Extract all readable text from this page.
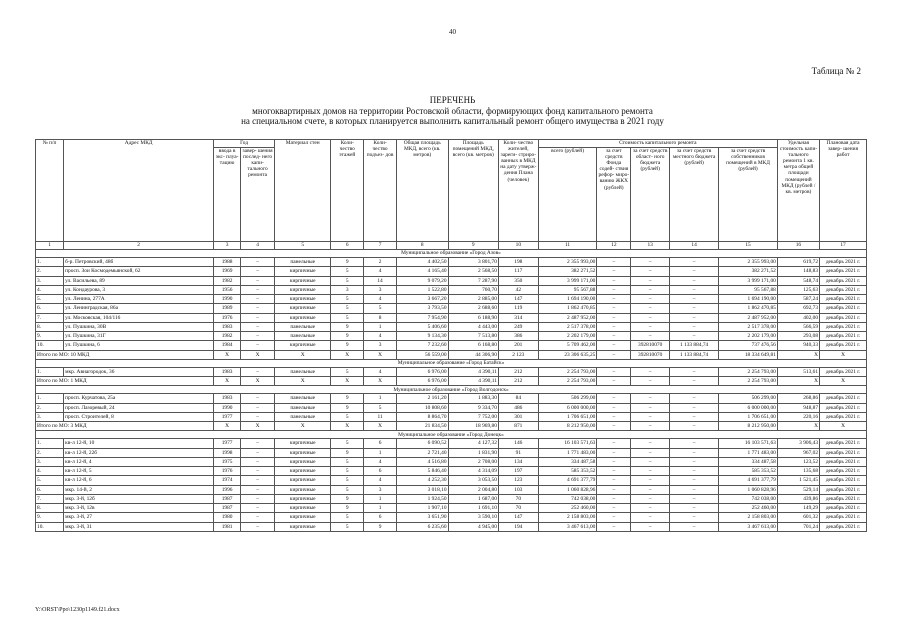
40
Таблица № 2
ПЕРЕЧЕНЬ
многоквартирных домов на территории Ростовской области, формирующих фонд капитального ремонта
на специальном счете, в которых планируется выполнить капитальный ремонт общего имущества в 2021 году
№ п/п	Адрес МКД	Год		Материал стен	Коли- чество этажей	Коли- чество подъез- дов	Общая площадь МКД, всего (кв. метров)	Площадь помещений МКД, всего (кв. метров)	Коли- чество жителей, зареги- стриро- ванных в МКД на дату утверж- дения Плана (человек)	Стоимость капитального ремонта					Удельная стоимость капи- тального ремонта 1 кв. метра общей площади помещений МКД (рублей / кв. метров)	Плановая дата завер- шения работ
		ввода в экс- плуа- тацию	завер- шения послед- него капи- тального ремонта							всего (рублей)	за счет средств Фонда содей- ствия рефор- миро- ванию ЖКХ (рублей)	за счет средств област- ного бюджета (рублей)	за счет средств местного бюджета (рублей)	за счет средств собственников помещений в МКД (рублей)		
1	2	3	4	5	6	7	8	9	10	11	12	13	14	15	16	17
Муниципальное образование «Город Азов»																
1.	б-р. Петровский, 48б	1988	–	панельные	9	2	4 402,50	3 801,70	198	2 355 993,00	–	–	–	2 355 993,00	619,72	декабрь 2021 г.
2.	просп. Зои Космодемьянской, 62	1969	–	кирпичные	5	4	4 165,40	2 568,50	117	382 271,52	–	–	–	382 271,52	148,83	декабрь 2021 г.
3.	ул. Васильева, 89	1982	–	кирпичные	5	14	9 079,20	7 287,90	350	3 999 171,00	–	–	–	3 999 171,00	548,74	декабрь 2021 г.
4.	ул. Кондаурова, 3	1956	–	кирпичные	3	3	1 522,80	760,70	42	95 567,88	–	–	–	95 567,88	125,63	декабрь 2021 г.
5.	ул. Ленина, 277А	1990	–	кирпичные	5	4	3 667,20	2 885,00	147	1 694 190,00	–	–	–	1 694 190,00	587,24	декабрь 2021 г.
6.	ул. Ленинградская, 86а	1989	–	кирпичные	5	5	3 793,50	2 688,60	119	1 862 470,85	–	–	–	1 862 470,85	692,73	декабрь 2021 г.
7.	ул. Московская, 104/116	1976	–	кирпичные	5	8	7 954,90	6 188,90	314	2 487 952,00	–	–	–	2 487 952,00	402,00	декабрь 2021 г.
8.	ул. Пушкина, 30В	1983	–	панельные	9	1	5 406,60	4 443,00	249	2 517 378,00	–	–	–	2 517 378,00	566,59	декабрь 2021 г.
9.	ул. Пушкина, 31Г	1982	–	панельные	9	4	9 134,30	7 513,80	386	2 202 179,00	–	–	–	2 202 179,00	293,08	декабрь 2021 г.
10.	ул. Пушкина, 6	1984	–	кирпичные	9	3	7 232,60	6 168,80	201	5 709 462,00	–	392810070	1 133 884,74	737 476,56	940,33	декабрь 2021 г.
Итого по МО: 10 МКД		X	X	X	X	X	56 559,00	44 306,90	2 123	23 306 635,25	–	392810070	1 133 884,74	18 334 649,81	X	X
Муниципальное образование «Город Батайск»																
1.	мкр. Авиагородок, 36	1983	–	панельные	5	4	6 976,00	4 390,11	212	2 254 793,00	–	–	–	2 254 793,00	513,61	декабрь 2021 г.
Итого по МО: 1 МКД		X	X	X	X	X	6 976,00	4 390,11	212	2 254 793,00	–	–	–	2 254 793,00	X	X
Муниципальное образование «Город Волгодонск»																
1.	просп. Курчатова, 25а	1983	–	панельные	9	1	2 161,20	1 883,30	84	506 299,00	–	–	–	506 299,00	268,86	декабрь 2021 г.
2.	просп. Лазоревый, 24	1990	–	панельные	9	5	10 808,60	9 334,70	486	6 000 000,00	–	–	–	6 000 000,00	948,87	декабрь 2021 г.
3.	просп. Строителей, 8	1977	–	панельные	5	11	8 864,70	7 752,00	301	1 706 651,00	–	–	–	1 706 651,00	220,16	декабрь 2021 г.
Итого по МО: 3 МКД		X	X	X	X	X	21 834,50	18 969,80	871	8 212 950,00	–	–	–	8 212 950,00	X	X
Муниципальное образование «Город Донецк»																
1.	кв-л 12-й, 10	1977	–	кирпичные	5	6	6 090,52	4 127,32	146	16 103 571,63	–	–	–	16 103 571,63	3 906,43	декабрь 2021 г.
2.	кв-л 12-й, 22б	1998	–	кирпичные	9	1	2 721,40	1 831,90	91	1 771 483,00	–	–	–	1 771 483,00	967,02	декабрь 2021 г.
3.	кв-л 12-й, 4	1975	–	кирпичные	5	4	4 516,80	2 708,00	134	334 487,58	–	–	–	334 487,58	123,52	декабрь 2021 г.
4.	кв-л 12-й, 5	1976	–	кирпичные	5	6	5 846,40	4 314,09	197	585 353,52	–	–	–	585 353,52	135,68	декабрь 2021 г.
5.	кв-л 12-й, 6	1974	–	кирпичные	5	4	4 252,30	3 053,50	123	4 691 377,79	–	–	–	4 691 377,79	1 521,45	декабрь 2021 г.
6.	мкр. 14-й, 2	1996	–	кирпичные	5	3	3 018,10	2 004,80	103	1 060 828,96	–	–	–	1 060 828,96	529,14	декабрь 2021 г.
7.	мкр. 3-й, 12б	1987	–	кирпичные	9	1	1 924,50	1 687,00	70	742 038,00	–	–	–	742 038,00	439,86	декабрь 2021 г.
8.	мкр. 3-й, 12в	1987	–	кирпичные	9	1	1 907,10	1 691,10	70	252 460,00	–	–	–	252 460,00	149,29	декабрь 2021 г.
9.	мкр. 3-й, 27	1980	–	кирпичные	5	6	3 651,90	3 590,10	147	2 158 803,00	–	–	–	2 158 803,00	601,32	декабрь 2021 г.
10.	мкр. 3-й, 31	1981	–	кирпичные	5	9	6 235,60	4 945,00	194	3 467 613,00	–	–	–	3 467 613,00	701,24	декабрь 2021 г.
Y:\ORST\Ppo\1230p1149.f21.docx
